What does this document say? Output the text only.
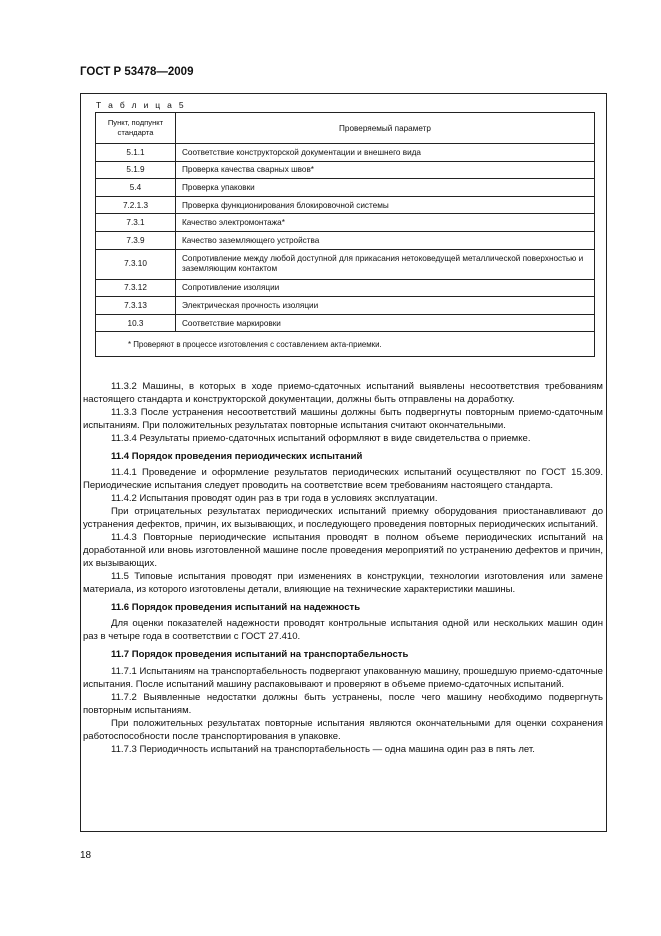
ГОСТ Р 53478—2009
Т а б л и ц а 5
Пункт, подпункт стандарта	Проверяемый параметр
5.1.1	Соответствие конструкторской документации и внешнего вида
5.1.9	Проверка качества сварных швов*
5.4	Проверка упаковки
7.2.1.3	Проверка функционирования блокировочной системы
7.3.1	Качество электромонтажа*
7.3.9	Качество заземляющего устройства
7.3.10	Сопротивление между любой доступной для прикасания нетоковедущей металлической поверхностью и заземляющим контактом
7.3.12	Сопротивление изоляции
7.3.13	Электрическая прочность изоляции
10.3	Соответствие маркировки
* Проверяют в процессе изготовления с составлением акта-приемки.	

11.3.2 Машины, в которых в ходе приемо-сдаточных испытаний выявлены несоответствия требованиям настоящего стандарта и конструкторской документации, должны быть отправлены на доработку.

11.3.3 После устранения несоответствий машины должны быть подвергнуты повторным приемо-сдаточным испытаниям. При положительных результатах повторные испытания считают окончательными.

11.3.4 Результаты приемо-сдаточных испытаний оформляют в виде свидетельства о приемке.

11.4 Порядок проведения периодических испытаний

11.4.1 Проведение и оформление результатов периодических испытаний осуществляют по ГОСТ 15.309. Периодические испытания следует проводить на соответствие всем требованиям настоящего стандарта.

11.4.2 Испытания проводят один раз в три года в условиях эксплуатации.

При отрицательных результатах периодических испытаний приемку оборудования приостанавливают до устранения дефектов, причин, их вызывающих, и последующего проведения повторных периодических испытаний.

11.4.3 Повторные периодические испытания проводят в полном объеме периодических испытаний на доработанной или вновь изготовленной машине после проведения мероприятий по устранению дефектов и причин, их вызывающих.

11.5 Типовые испытания проводят при изменениях в конструкции, технологии изготовления или замене материала, из которого изготовлены детали, влияющие на технические характеристики машины.

11.6 Порядок проведения испытаний на надежность

Для оценки показателей надежности проводят контрольные испытания одной или нескольких машин один раз в четыре года в соответствии с ГОСТ 27.410.

11.7 Порядок проведения испытаний на транспортабельность

11.7.1 Испытаниям на транспортабельность подвергают упакованную машину, прошедшую приемо-сдаточные испытания. После испытаний машину распаковывают и проверяют в объеме приемо-сдаточных испытаний.

11.7.2 Выявленные недостатки должны быть устранены, после чего машину необходимо подвергнуть повторным испытаниям.

При положительных результатах повторные испытания являются окончательными для оценки сохранения работоспособности после транспортирования в упаковке.

11.7.3 Периодичность испытаний на транспортабельность — одна машина один раз в пять лет.

18
